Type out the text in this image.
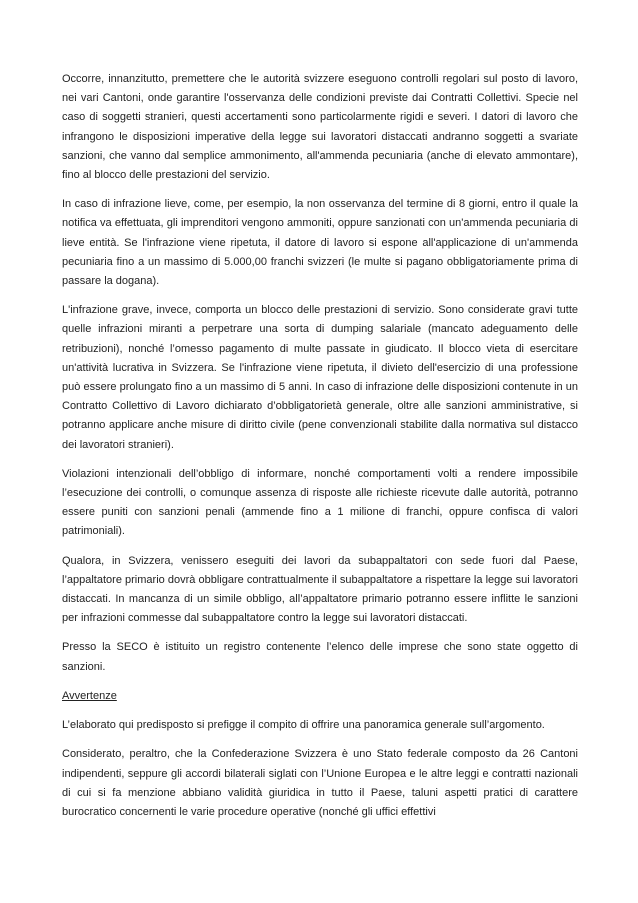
Occorre, innanzitutto, premettere che le autorità svizzere eseguono controlli regolari sul posto di lavoro, nei vari Cantoni, onde garantire l'osservanza delle condizioni previste dai Contratti Collettivi. Specie nel caso di soggetti stranieri, questi accertamenti sono particolarmente rigidi e severi. I datori di lavoro che infrangono le disposizioni imperative della legge sui lavoratori distaccati andranno soggetti a svariate sanzioni, che vanno dal semplice ammonimento, all'ammenda pecuniaria (anche di elevato ammontare), fino al blocco delle prestazioni del servizio.

In caso di infrazione lieve, come, per esempio, la non osservanza del termine di 8 giorni, entro il quale la notifica va effettuata, gli imprenditori vengono ammoniti, oppure sanzionati con un'ammenda pecuniaria di lieve entità. Se l'infrazione viene ripetuta, il datore di lavoro si espone all'applicazione di un'ammenda pecuniaria fino a un massimo di 5.000,00 franchi svizzeri (le multe si pagano obbligatoriamente prima di passare la dogana).

L'infrazione grave, invece, comporta un blocco delle prestazioni di servizio. Sono considerate gravi tutte quelle infrazioni miranti a perpetrare una sorta di dumping salariale (mancato adeguamento delle retribuzioni), nonché l’omesso pagamento di multe passate in giudicato. Il blocco vieta di esercitare un'attività lucrativa in Svizzera. Se l'infrazione viene ripetuta, il divieto dell'esercizio di una professione può essere prolungato fino a un massimo di 5 anni. In caso di infrazione delle disposizioni contenute in un Contratto Collettivo di Lavoro dichiarato d’obbligatorietà generale, oltre alle sanzioni amministrative, si potranno applicare anche misure di diritto civile (pene convenzionali stabilite dalla normativa sul distacco dei lavoratori stranieri).

Violazioni intenzionali dell’obbligo di informare, nonché comportamenti volti a rendere impossibile l’esecuzione dei controlli, o comunque assenza di risposte alle richieste ricevute dalle autorità, potranno essere puniti con sanzioni penali (ammende fino a 1 milione di franchi, oppure confisca di valori patrimoniali).

Qualora, in Svizzera, venissero eseguiti dei lavori da subappaltatori con sede fuori dal Paese, l’appaltatore primario dovrà obbligare contrattualmente il subappaltatore a rispettare la legge sui lavoratori distaccati. In mancanza di un simile obbligo, all’appaltatore primario potranno essere inflitte le sanzioni per infrazioni commesse dal subappaltatore contro la legge sui lavoratori distaccati.

Presso la SECO è istituito un registro contenente l’elenco delle imprese che sono state oggetto di sanzioni.

Avvertenze

L’elaborato qui predisposto si prefigge il compito di offrire una panoramica generale sull’argomento.

Considerato, peraltro, che la Confederazione Svizzera è uno Stato federale composto da 26 Cantoni indipendenti, seppure gli accordi bilaterali siglati con l’Unione Europea e le altre leggi e contratti nazionali di cui si fa menzione abbiano validità giuridica in tutto il Paese, taluni aspetti pratici di carattere burocratico concernenti le varie procedure operative (nonché gli uffici effettivi
